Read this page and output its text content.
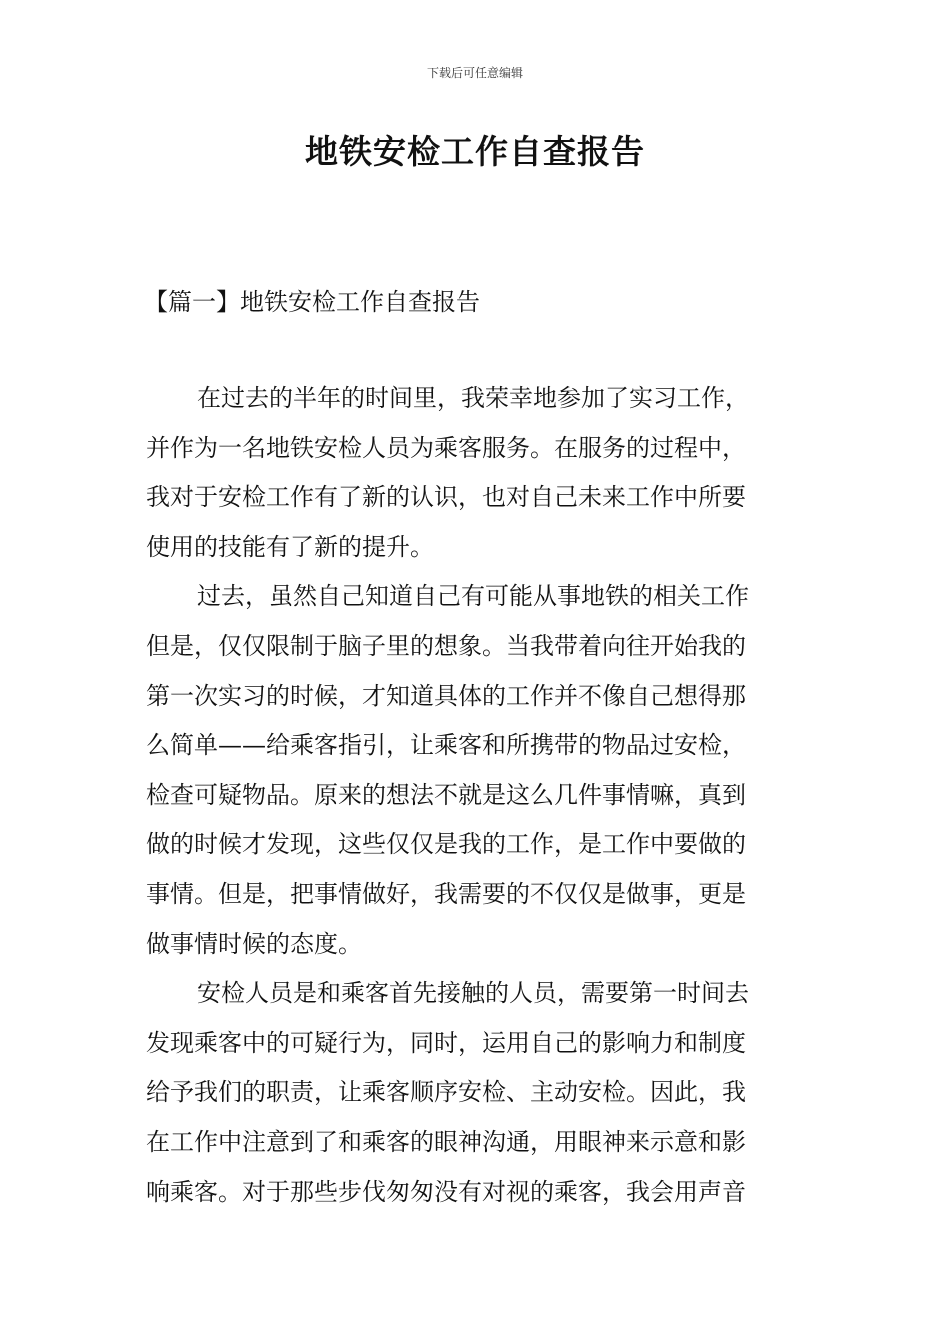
下载后可任意编辑
地铁安检工作自查报告
【篇一】地铁安检工作自查报告
在过去的半年的时间里，我荣幸地参加了实习工作，
并作为一名地铁安检人员为乘客服务。在服务的过程中，
我对于安检工作有了新的认识，也对自己未来工作中所要
使用的技能有了新的提升。
过去，虽然自己知道自己有可能从事地铁的相关工作
但是，仅仅限制于脑子里的想象。当我带着向往开始我的
第一次实习的时候，才知道具体的工作并不像自己想得那
么简单——给乘客指引，让乘客和所携带的物品过安检，
检查可疑物品。原来的想法不就是这么几件事情嘛，真到
做的时候才发现，这些仅仅是我的工作，是工作中要做的
事情。但是，把事情做好，我需要的不仅仅是做事，更是
做事情时候的态度。
安检人员是和乘客首先接触的人员，需要第一时间去
发现乘客中的可疑行为，同时，运用自己的影响力和制度
给予我们的职责，让乘客顺序安检、主动安检。因此，我
在工作中注意到了和乘客的眼神沟通，用眼神来示意和影
响乘客。对于那些步伐匆匆没有对视的乘客，我会用声音
